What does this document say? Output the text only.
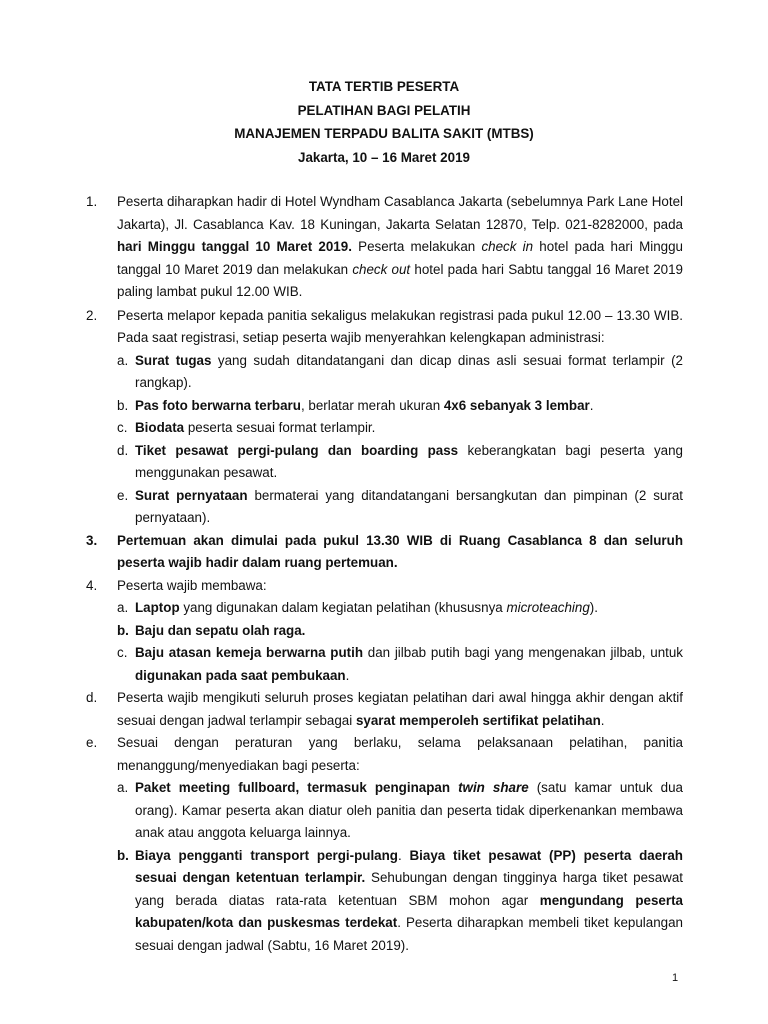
TATA TERTIB PESERTA
PELATIHAN BAGI PELATIH
MANAJEMEN TERPADU BALITA SAKIT (MTBS)
Jakarta, 10 – 16 Maret 2019
1. Peserta diharapkan hadir di Hotel Wyndham Casablanca Jakarta (sebelumnya Park Lane Hotel Jakarta), Jl. Casablanca Kav. 18 Kuningan, Jakarta Selatan 12870, Telp. 021-8282000, pada hari Minggu tanggal 10 Maret 2019. Peserta melakukan check in hotel pada hari Minggu tanggal 10 Maret 2019 dan melakukan check out hotel pada hari Sabtu tanggal 16 Maret 2019 paling lambat pukul 12.00 WIB.
2. Peserta melapor kepada panitia sekaligus melakukan registrasi pada pukul 12.00 – 13.30 WIB. Pada saat registrasi, setiap peserta wajib menyerahkan kelengkapan administrasi:
a. Surat tugas yang sudah ditandatangani dan dicap dinas asli sesuai format terlampir (2 rangkap).
b. Pas foto berwarna terbaru, berlatar merah ukuran 4x6 sebanyak 3 lembar.
c. Biodata peserta sesuai format terlampir.
d. Tiket pesawat pergi-pulang dan boarding pass keberangkatan bagi peserta yang menggunakan pesawat.
e. Surat pernyataan bermaterai yang ditandatangani bersangkutan dan pimpinan (2 surat pernyataan).
3. Pertemuan akan dimulai pada pukul 13.30 WIB di Ruang Casablanca 8 dan seluruh peserta wajib hadir dalam ruang pertemuan.
4. Peserta wajib membawa:
a. Laptop yang digunakan dalam kegiatan pelatihan (khususnya microteaching).
b. Baju dan sepatu olah raga.
c. Baju atasan kemeja berwarna putih dan jilbab putih bagi yang mengenakan jilbab, untuk digunakan pada saat pembukaan.
d. Peserta wajib mengikuti seluruh proses kegiatan pelatihan dari awal hingga akhir dengan aktif sesuai dengan jadwal terlampir sebagai syarat memperoleh sertifikat pelatihan.
e. Sesuai dengan peraturan yang berlaku, selama pelaksanaan pelatihan, panitia menanggung/menyediakan bagi peserta:
a. Paket meeting fullboard, termasuk penginapan twin share (satu kamar untuk dua orang). Kamar peserta akan diatur oleh panitia dan peserta tidak diperkenankan membawa anak atau anggota keluarga lainnya.
b. Biaya pengganti transport pergi-pulang. Biaya tiket pesawat (PP) peserta daerah sesuai dengan ketentuan terlampir. Sehubungan dengan tingginya harga tiket pesawat yang berada diatas rata-rata ketentuan SBM mohon agar mengundang peserta kabupaten/kota dan puskesmas terdekat. Peserta diharapkan membeli tiket kepulangan sesuai dengan jadwal (Sabtu, 16 Maret 2019).
1
